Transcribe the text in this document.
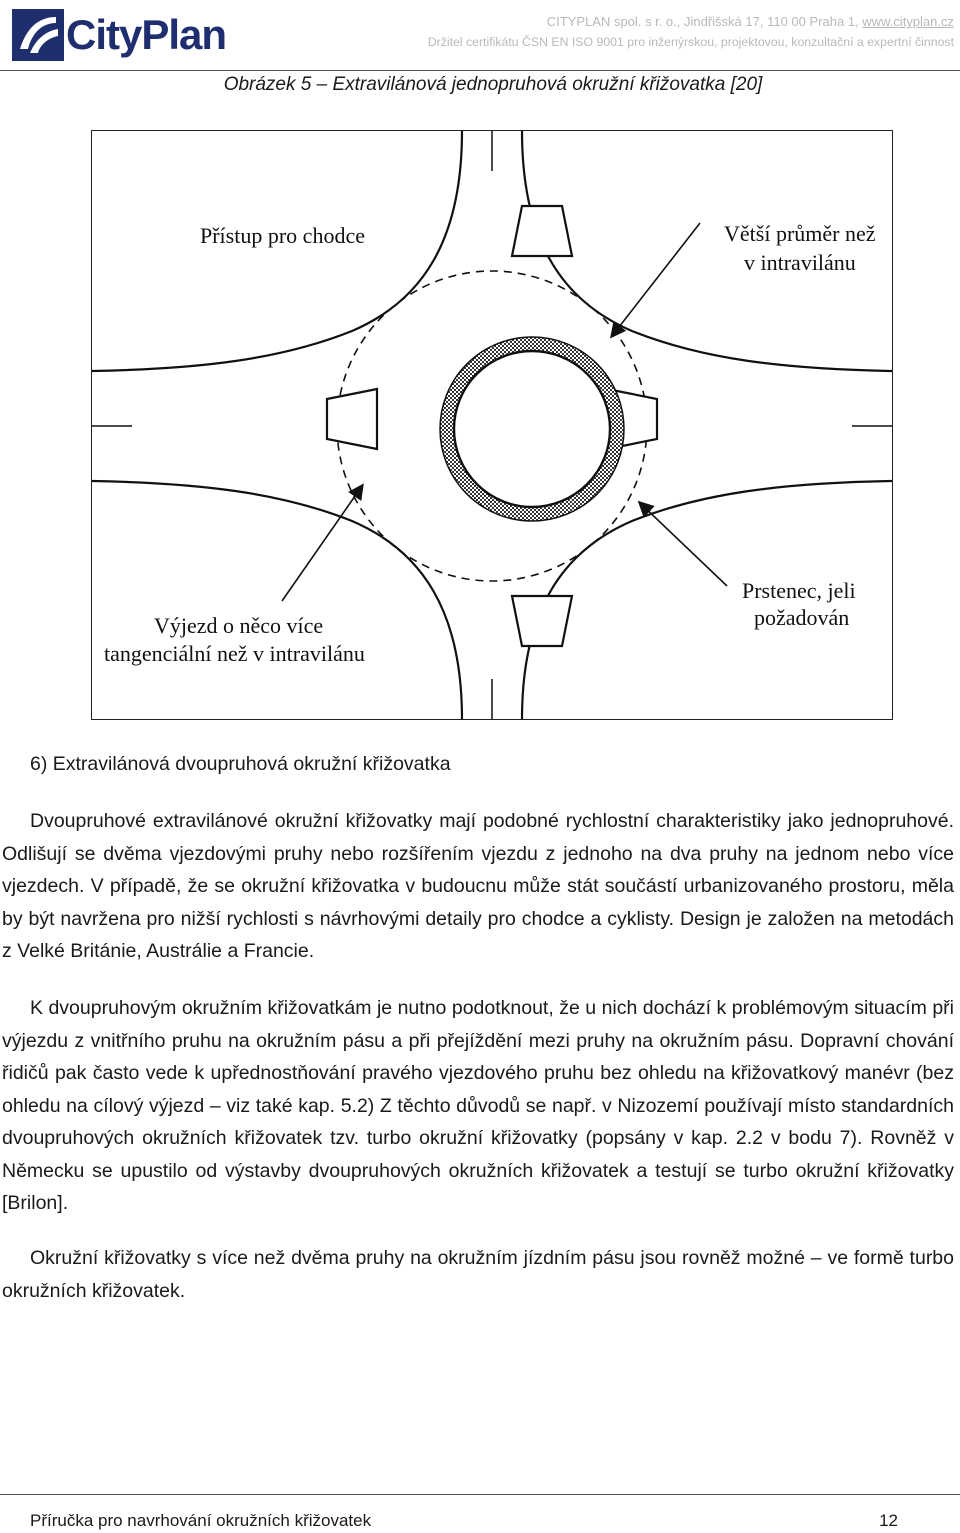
CityPlan	CITYPLAN spol. s r. o., Jindřišská 17, 110 00 Praha 1, www.cityplan.cz
Držitel certifikátu ČSN EN ISO 9001 pro inženýrskou, projektovou, konzultační a expertní činnost
Obrázek 5 – Extravilánová jednopruhová okružní křižovatka [20]
Přístup pro chodce	Větší průměr než
v intravilánu
Prstenec, jeli
požadován
Výjezd o něco více
tangenciální než v intravilánu
6) Extravilánová dvoupruhová okružní křižovatka
Dvoupruhové extravilánové okružní křižovatky mají podobné rychlostní charakteristiky jako jednopruhové. Odlišují se dvěma vjezdovými pruhy nebo rozšířením vjezdu z jednoho na dva pruhy na jednom nebo více vjezdech. V případě, že se okružní křižovatka v budoucnu může stát součástí urbanizovaného prostoru, měla by být navržena pro nižší rychlosti s návrhovými detaily pro chodce a cyklisty. Design je založen na metodách z Velké Británie, Austrálie a Francie.
K dvoupruhovým okružním křižovatkám je nutno podotknout, že u nich dochází k problémovým situacím při výjezdu z vnitřního pruhu na okružním pásu a při přejíždění mezi pruhy na okružním pásu. Dopravní chování řidičů pak často vede k upřednostňování pravého vjezdového pruhu bez ohledu na křižovatkový manévr (bez ohledu na cílový výjezd – viz také kap. 5.2) Z těchto důvodů se např. v Nizozemí používají místo standardních dvoupruhových okružních křižovatek tzv. turbo okružní křižovatky (popsány v kap. 2.2 v bodu 7). Rovněž v Německu se upustilo od výstavby dvoupruhových okružních křižovatek a testují se turbo okružní křižovatky [Brilon].
Okružní křižovatky s více než dvěma pruhy na okružním jízdním pásu jsou rovněž možné – ve formě turbo okružních křižovatek.
Příručka pro navrhování okružních křižovatek	12
